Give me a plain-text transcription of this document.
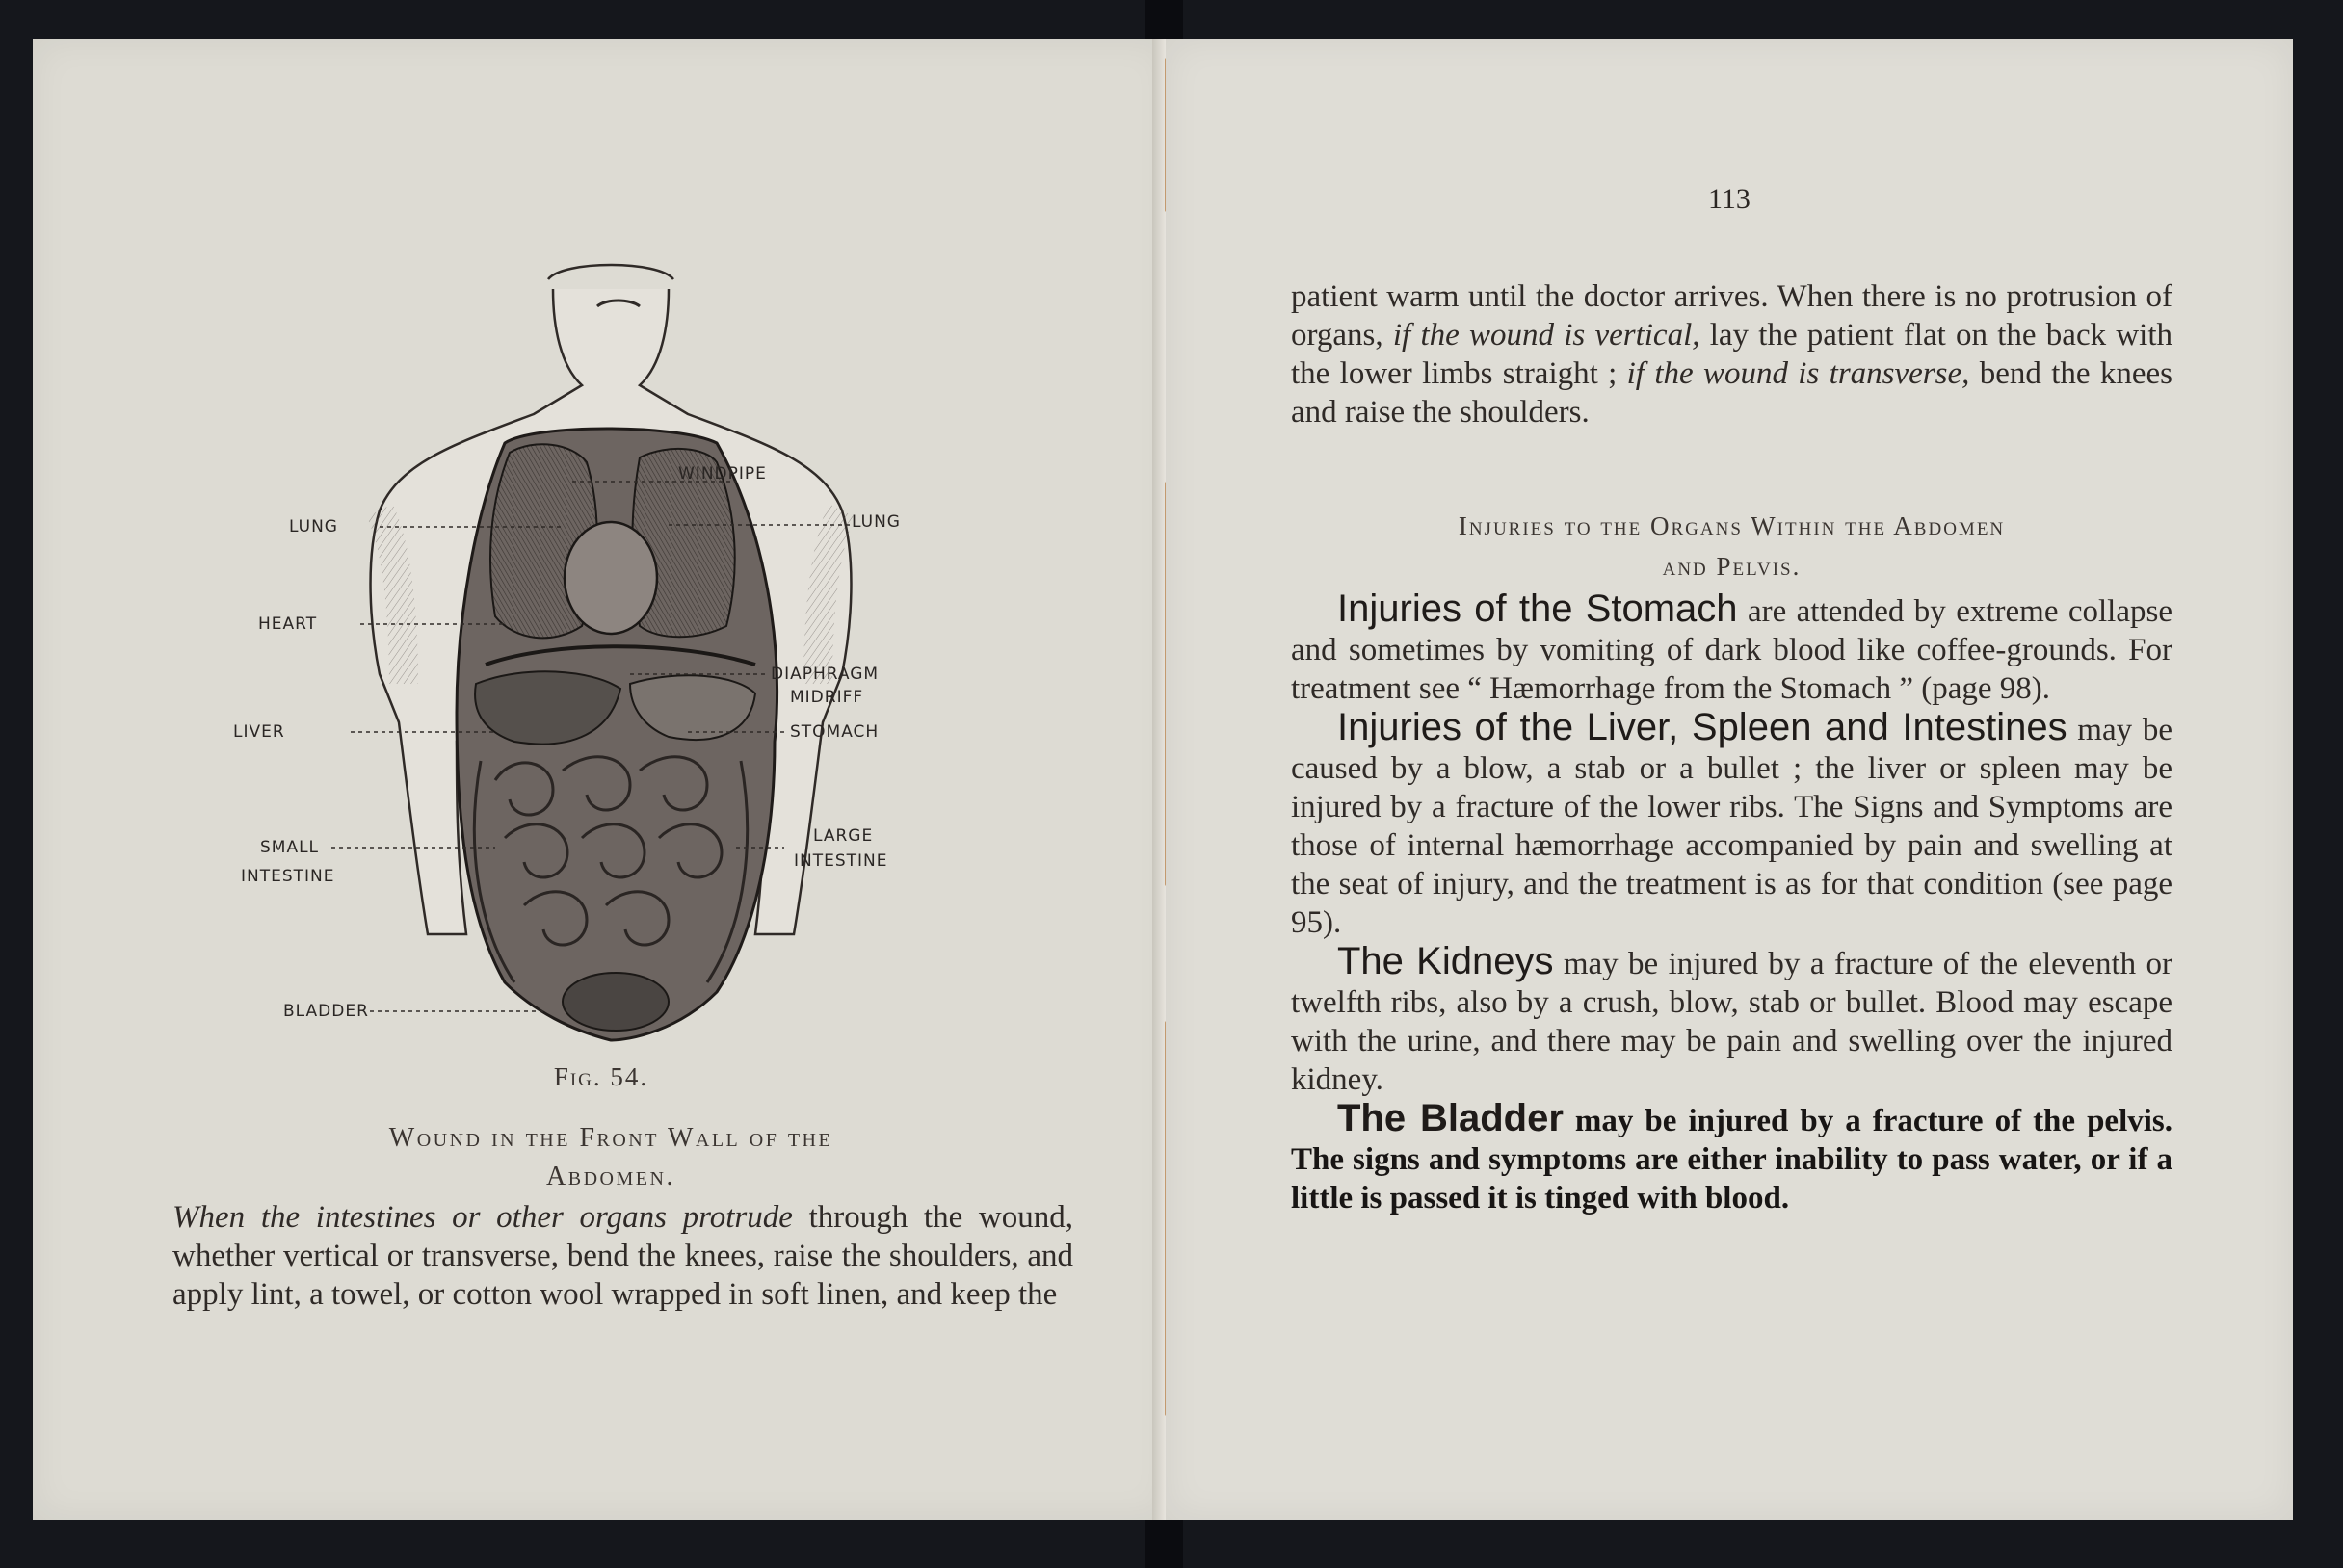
WINDPIPE
LUNG	LUNG
HEART
DIAPHRAGM
MIDRIFF
LIVER	STOMACH
SMALL
INTESTINE
LARGE
INTESTINE
BLADDER
Fig. 54.
Wound in the Front Wall of the
Abdomen.

When the intestines or other organs protrude through the wound, whether vertical or transverse, bend the knees, raise the shoulders, and apply lint, a towel, or cotton wool wrapped in soft linen, and keep the

113

patient warm until the doctor arrives. When there is no protrusion of organs, if the wound is vertical, lay the patient flat on the back with the lower limbs straight ; if the wound is transverse, bend the knees and raise the shoulders.

Injuries to the Organs Within the Abdomen
and Pelvis.

Injuries of the Stomach are attended by extreme collapse and sometimes by vomiting of dark blood like coffee-grounds. For treatment see “ Hæmorrhage from the Stomach ” (page 98).

Injuries of the Liver, Spleen and Intestines may be caused by a blow, a stab or a bullet ; the liver or spleen may be injured by a fracture of the lower ribs. The Signs and Symptoms are those of internal hæmorrhage accompanied by pain and swelling at the seat of injury, and the treatment is as for that condition (see page 95).

The Kidneys may be injured by a fracture of the eleventh or twelfth ribs, also by a crush, blow, stab or bullet. Blood may escape with the urine, and there may be pain and swelling over the injured kidney.

The Bladder may be injured by a fracture of the pelvis. The signs and symptoms are either inability to pass water, or if a little is passed it is tinged with blood.
